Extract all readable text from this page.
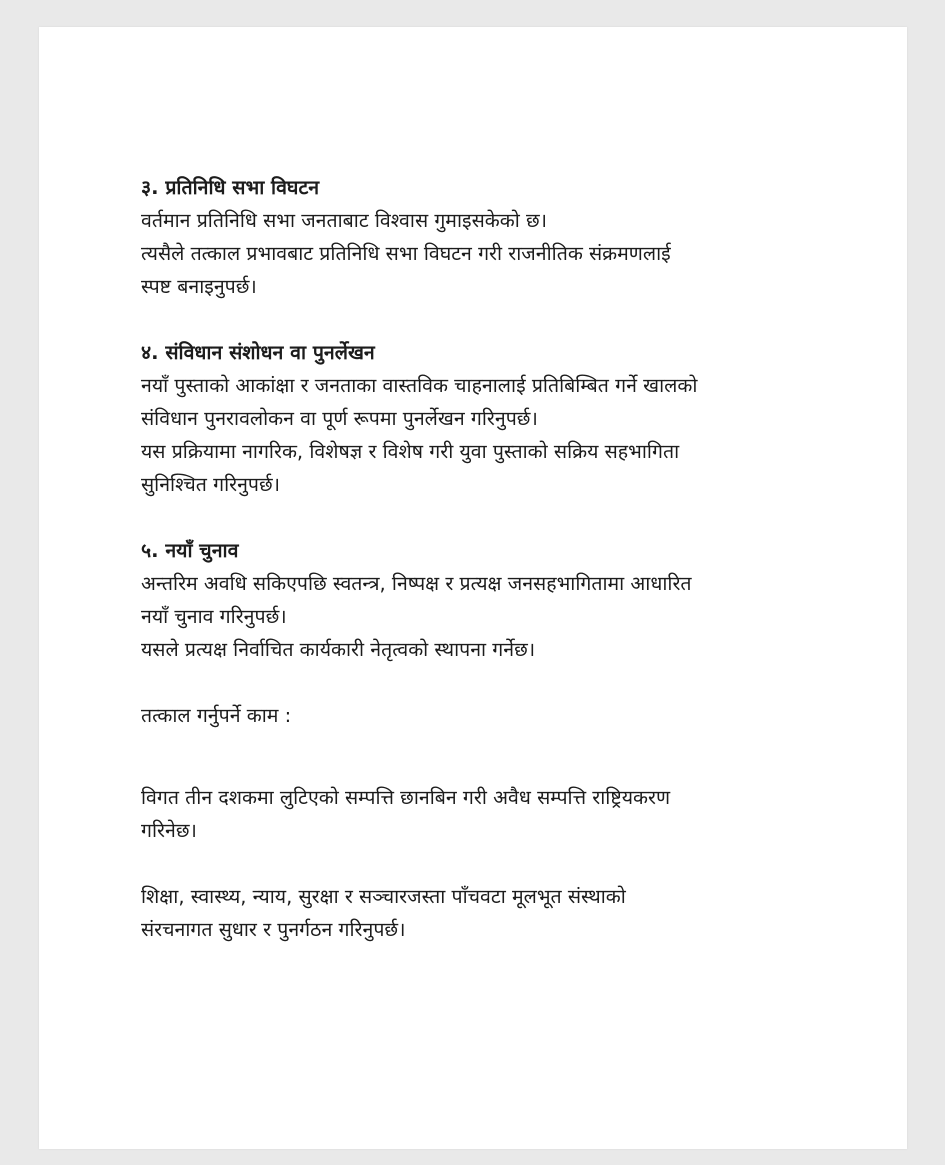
३. प्रतिनिधि सभा विघटन

वर्तमान प्रतिनिधि सभा जनताबाट विश्वास गुमाइसकेको छ।

त्यसैले तत्काल प्रभावबाट प्रतिनिधि सभा विघटन गरी राजनीतिक संक्रमणलाई

स्पष्ट बनाइनुपर्छ।

४. संविधान संशोधन वा पुनर्लेखन

नयाँ पुस्ताको आकांक्षा र जनताका वास्तविक चाहनालाई प्रतिबिम्बित गर्ने खालको

संविधान पुनरावलोकन वा पूर्ण रूपमा पुनर्लेखन गरिनुपर्छ।

यस प्रक्रियामा नागरिक, विशेषज्ञ र विशेष गरी युवा पुस्ताको सक्रिय सहभागिता

सुनिश्चित गरिनुपर्छ।

५. नयाँ चुनाव

अन्तरिम अवधि सकिएपछि स्वतन्त्र, निष्पक्ष र प्रत्यक्ष जनसहभागितामा आधारित

नयाँ चुनाव गरिनुपर्छ।

यसले प्रत्यक्ष निर्वाचित कार्यकारी नेतृत्वको स्थापना गर्नेछ।

तत्काल गर्नुपर्ने काम :

विगत तीन दशकमा लुटिएको सम्पत्ति छानबिन गरी अवैध सम्पत्ति राष्ट्रियकरण

गरिनेछ।

शिक्षा, स्वास्थ्य, न्याय, सुरक्षा र सञ्चारजस्ता पाँचवटा मूलभूत संस्थाको

संरचनागत सुधार र पुनर्गठन गरिनुपर्छ।
